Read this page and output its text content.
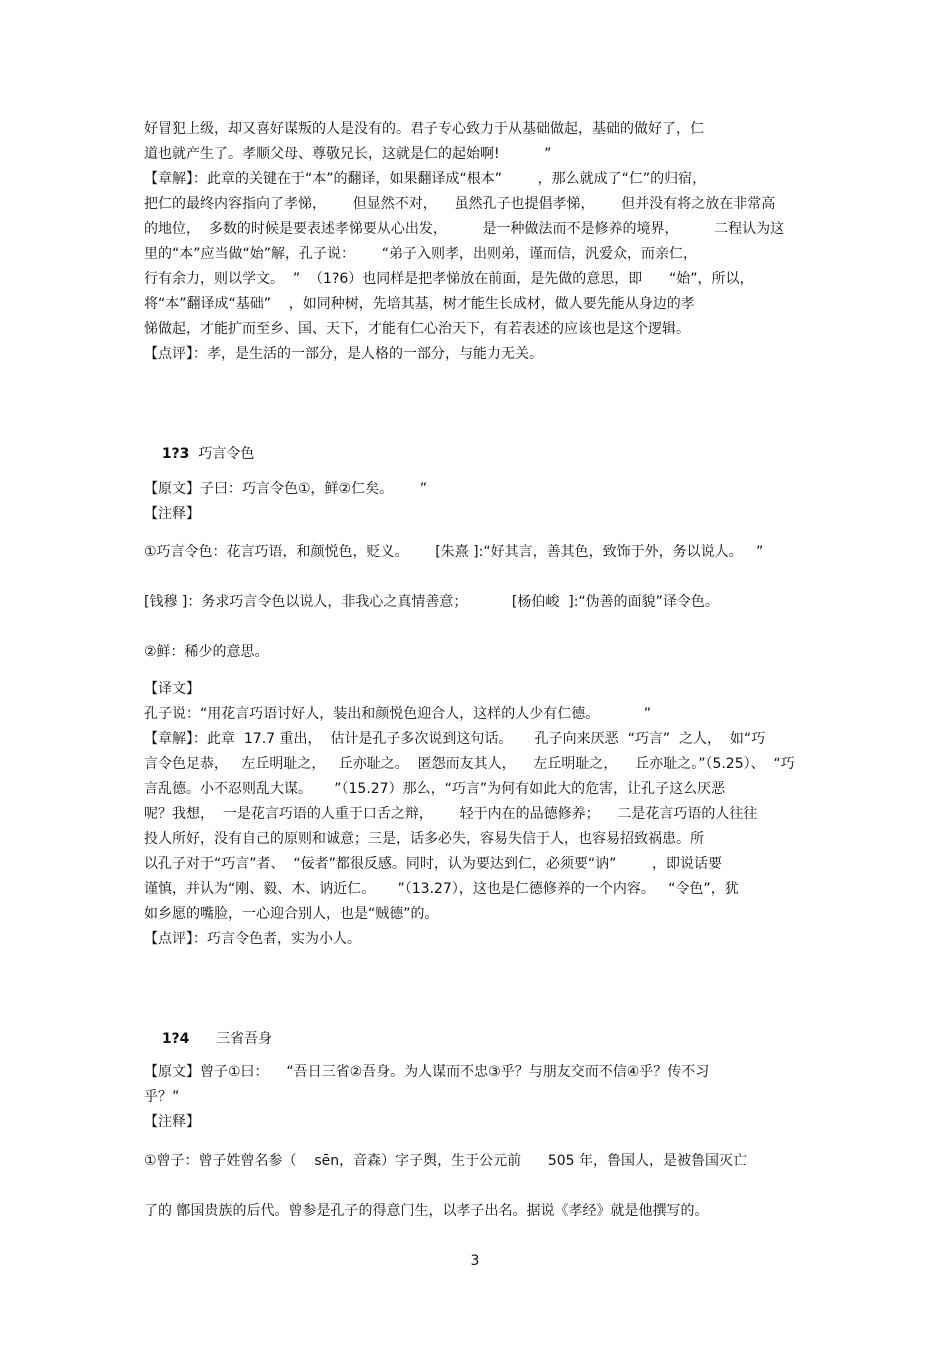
好冒犯上级，却又喜好谋叛的人是没有的。君子专心致力于从基础做起，基础的做好了，仁
道也就产生了。孝顺父母、尊敬兄长，这就是仁的起始啊!          ”
【章解】：此章的关键在于“本”的翻译，如果翻译成“根本”        ，那么就成了“仁”的归宿，
把仁的最终内容指向了孝悌，      但显然不对，    虽然孔子也提倡孝悌，      但并没有将之放在非常高
的地位，  多数的时候是要表述孝悌要从心出发，        是一种做法而不是修养的境界，        二程认为这
里的“本”应当做“始”解，孔子说：      “弟子入则孝，出则弟，谨而信，汎爱众，而亲仁，
行有余力，则以学文。  ”  （1?6）也同样是把孝悌放在前面，是先做的意思，即      “始”，所以，
将“本”翻译成“基础”    ，如同种树，先培其基，树才能生长成材，做人要先能从身边的孝
悌做起，才能扩而至乡、国、天下，才能有仁心治天下，有若表述的应该也是这个逻辑。
【点评】：孝，是生活的一部分，是人格的一部分，与能力无关。

1?3 巧言令色

【原文】子曰：巧言令色①，鲜②仁矣。      ”
【注释】
①巧言令色：花言巧语，和颜悦色，贬义。      [朱熹 ]:“好其言，善其色，致饰于外，务以说人。   ”
[钱穆 ]：务求巧言令色以说人，非我心之真情善意；          [杨伯峻  ]:“伪善的面貌”译令色。
②鲜：稀少的意思。
【译文】
孔子说：“用花言巧语讨好人，装出和颜悦色迎合人，这样的人少有仁德。          ”
【章解】：此章  17.7 重出，  估计是孔子多次说到这句话。     孔子向来厌恶  “巧言”  之人，  如“巧
言令色足恭，   左丘明耻之，   丘亦耻之。  匿怨而友其人，    左丘明耻之，    丘亦耻之。”（5.25）、  “巧
言乱德。小不忍则乱大谋。     ”（15.27）那么，“巧言”为何有如此大的危害，让孔子这么厌恶
呢？我想，  一是花言巧语的人重于口舌之辩，      轻于内在的品德修养；    二是花言巧语的人往往
投人所好，没有自己的原则和诚意；三是，话多必失，容易失信于人，也容易招致祸患。所
以孔子对于“巧言”者、  “佞者”都很反感。同时，认为要达到仁，必须要“讷”        ，即说话要
谨慎，并认为“刚、毅、木、讷近仁。     ”（13.27），这也是仁德修养的一个内容。   “令色”，犹
如乡愿的嘴脸，一心迎合别人，也是“贼德”的。
【点评】：巧言令色者，实为小人。

1?4 三省吾身

【原文】曾子①曰：    “吾日三省②吾身。为人谋而不忠③乎？与朋友交而不信④乎？传不习
乎？”
【注释】
①曾子：曾子姓曾名参（    sēn，音森）字子舆，生于公元前      505 年，鲁国人，是被鲁国灭亡
了的 鄫国贵族的后代。曾参是孔子的得意门生，以孝子出名。据说《孝经》就是他撰写的。
3
